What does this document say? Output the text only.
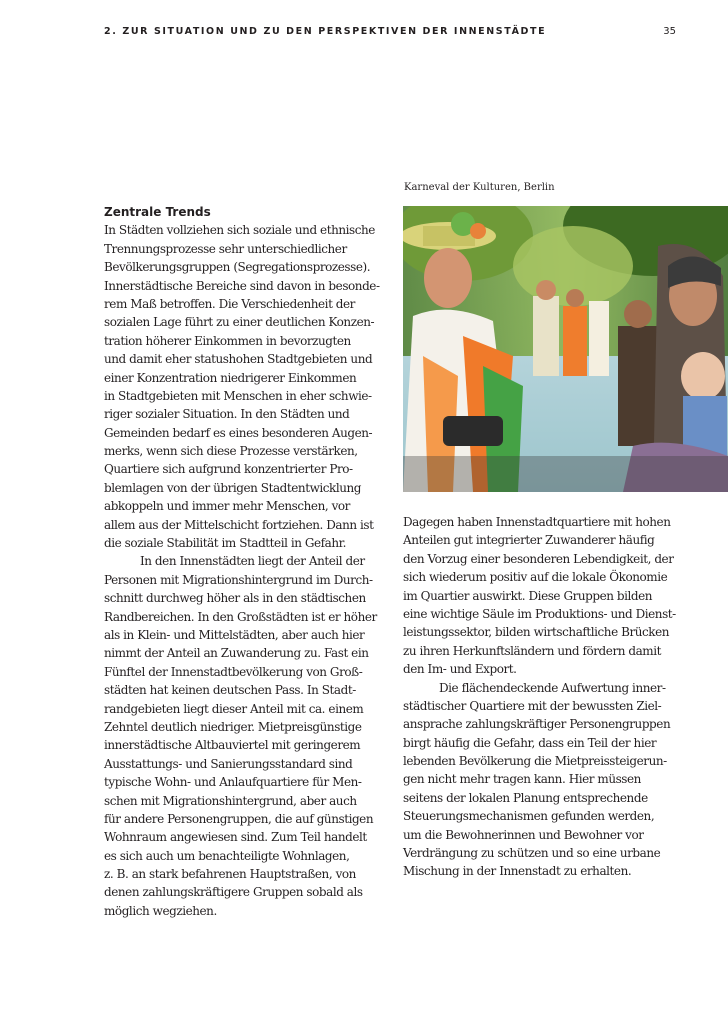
2. ZUR SITUATION UND ZU DEN PERSPEKTIVEN DER INNENSTÄDTE	35
Karneval der Kulturen, Berlin
Zentrale Trends
In Städten vollziehen sich soziale und ethnische
Trennungsprozesse sehr unterschiedlicher
Bevölkerungsgruppen (Segregationsprozesse).
Innerstädtische Bereiche sind davon in besonde-
rem Maß betroffen. Die Verschiedenheit der
sozialen Lage führt zu einer deutlichen Konzen-
tration höherer Einkommen in bevorzugten
und damit eher statushohen Stadtgebieten und
einer Konzentration niedrigerer Einkommen
in Stadtgebieten mit Menschen in eher schwie-
riger sozialer Situation. In den Städten und
Gemeinden bedarf es eines besonderen Augen-
merks, wenn sich diese Prozesse verstärken,
Quartiere sich aufgrund konzentrierter Pro-
blemlagen von der übrigen Stadtentwicklung
abkoppeln und immer mehr Menschen, vor
allem aus der Mittelschicht fortziehen. Dann ist
die soziale Stabilität im Stadtteil in Gefahr.
In den Innenstädten liegt der Anteil der
Personen mit Migrationshintergrund im Durch-
schnitt durchweg höher als in den städtischen
Randbereichen. In den Großstädten ist er höher
als in Klein- und Mittelstädten, aber auch hier
nimmt der Anteil an Zuwanderung zu. Fast ein
Fünftel der Innenstadtbevölkerung von Groß-
städten hat keinen deutschen Pass. In Stadt-
randgebieten liegt dieser Anteil mit ca. einem
Zehntel deutlich niedriger. Mietpreisgünstige
innerstädtische Altbauviertel mit geringerem
Ausstattungs- und Sanierungsstandard sind
typische Wohn- und Anlaufquartiere für Men-
schen mit Migrationshintergrund, aber auch
für andere Personengruppen, die auf günstigen
Wohnraum angewiesen sind. Zum Teil handelt
es sich auch um benachteiligte Wohnlagen,
z. B. an stark befahrenen Hauptstraßen, von
denen zahlungskräftigere Gruppen sobald als
möglich wegziehen.
Dagegen haben Innenstadtquartiere mit hohen
Anteilen gut integrierter Zuwanderer häufig
den Vorzug einer besonderen Lebendigkeit, der
sich wiederum positiv auf die lokale Ökonomie
im Quartier auswirkt. Diese Gruppen bilden
eine wichtige Säule im Produktions- und Dienst-
leistungssektor, bilden wirtschaftliche Brücken
zu ihren Herkunftsländern und fördern damit
den Im- und Export.
Die flächendeckende Aufwertung inner-
städtischer Quartiere mit der bewussten Ziel-
ansprache zahlungskräftiger Personengruppen
birgt häufig die Gefahr, dass ein Teil der hier
lebenden Bevölkerung die Mietpreissteigerun-
gen nicht mehr tragen kann. Hier müssen
seitens der lokalen Planung entsprechende
Steuerungsmechanismen gefunden werden,
um die Bewohnerinnen und Bewohner vor
Verdrängung zu schützen und so eine urbane
Mischung in der Innenstadt zu erhalten.
